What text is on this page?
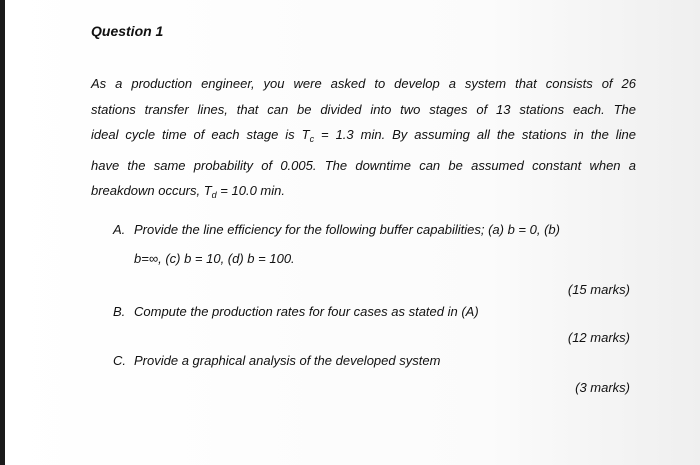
Question 1
As a production engineer, you were asked to develop a system that consists of 26
stations transfer lines, that can be divided into two stages of 13 stations each. The
ideal cycle time of each stage is $T_c = 1.3$ min. By assuming all the stations in the line
have the same probability of 0.005. The downtime can be assumed constant when a
breakdown occurs, $T_d = 10.0$ min.
A. Provide the line efficiency for the following buffer capabilities; (a) b = 0, (b)
b=∞, (c) b = 10, (d) b = 100.
(15 marks)
B. Compute the production rates for four cases as stated in (A)
(12 marks)
C. Provide a graphical analysis of the developed system
(3 marks)
